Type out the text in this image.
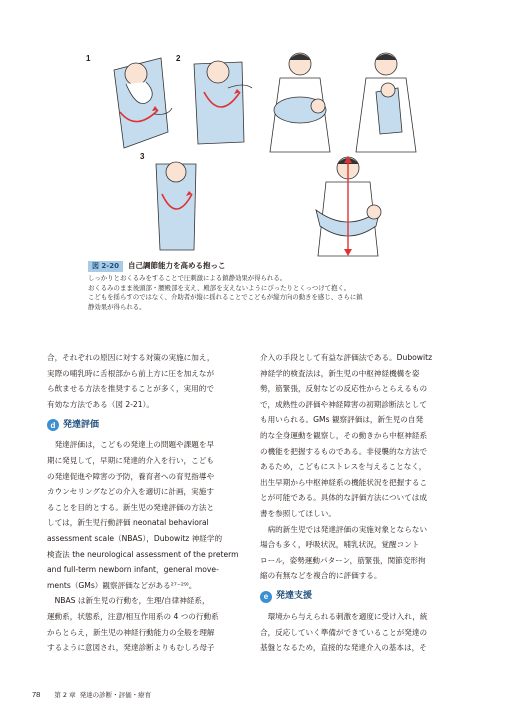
1	2
3
図 2-20	自己調節能力を高める抱っこ
しっかりとおくるみをすることで圧刺激による鎮静効果が得られる。
おくるみのまま後頭部・腰殿部を支え、殿部を支えないようにぴったりとくっつけて抱く。
こどもを揺らすのではなく、介助者が縦に揺れることでこどもが縦方向の動きを感じ、さらに鎮
静効果が得られる。

合，それぞれの原因に対する対策の実施に加え，

実際の哺乳時に舌根部から前上方に圧を加えなが

ら飲ませる方法を推奨することが多く，実用的で

有効な方法である（図 2-21）。

d 発達評価

発達評価は，こどもの発達上の問題や課題を早

期に発見して，早期に発達的介入を行い，こども

の発達促進や障害の予防，養育者への育児指導や

カウンセリングなどの介入を適切に計画，実施す

ることを目的とする。新生児の発達評価の方法と

しては，新生児行動評価 neonatal behavioral

assessment scale（NBAS），Dubowitz 神経学的

検査法 the neurological assessment of the preterm

and full-term newborn infant，general move-

ments（GMs）観察評価などがある²⁷⁻²⁹⁾。

NBAS は新生児の行動を，生理/自律神経系，

運動系，状態系，注意/相互作用系の 4 つの行動系

からとらえ，新生児の神経行動能力の全般を理解

するように意図され，発達診断よりもむしろ母子

介入の手段として有益な評価法である。Dubowitz

神経学的検査法は，新生児の中枢神経機構を姿

勢，筋緊張，反射などの反応性からとらえるもの

で，成熟性の評価や神経障害の初期診断法として

も用いられる。GMs 観察評価は，新生児の自発

的な全身運動を観察し，その動きから中枢神経系

の機能を把握するものである。非侵襲的な方法で

あるため，こどもにストレスを与えることなく，

出生早期から中枢神経系の機能状況を把握するこ

とが可能である。具体的な評価方法については成

書を参照してほしい。

病的新生児では発達評価の実施対象とならない

場合も多く，呼吸状況，哺乳状況，覚醒コント

ロール，姿勢運動パターン，筋緊張，関節変形拘

縮の有無などを複合的に評価する。

e 発達支援

環境から与えられる刺激を適度に受け入れ，統

合，反応していく準備ができていることが発達の

基盤となるため，直接的な発達介入の基本は，そ

78 第 2 章 発達の診断・評価・療育
